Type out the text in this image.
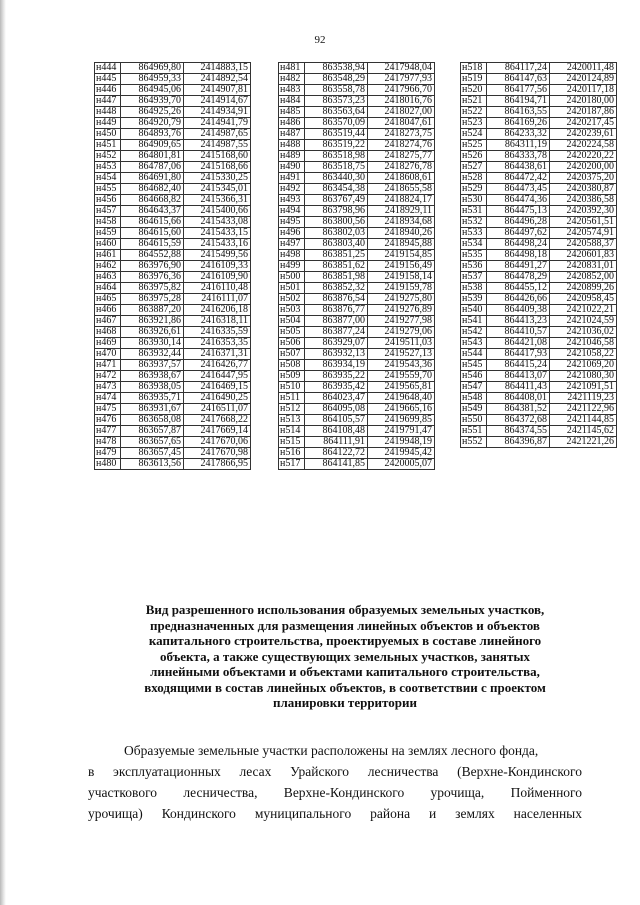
92
н444	864969,80	2414883,15
н445	864959,33	2414892,54
н446	864945,06	2414907,81
н447	864939,70	2414914,67
н448	864925,26	2414934,91
н449	864920,79	2414941,79
н450	864893,76	2414987,65
н451	864909,65	2414987,55
н452	864801,81	2415168,60
н453	864787,06	2415168,66
н454	864691,80	2415330,25
н455	864682,40	2415345,01
н456	864668,82	2415366,31
н457	864643,37	2415400,66
н458	864615,66	2415433,08
н459	864615,60	2415433,15
н460	864615,59	2415433,16
н461	864552,88	2415499,56
н462	863976,90	2416109,33
н463	863976,36	2416109,90
н464	863975,82	2416110,48
н465	863975,28	2416111,07
н466	863887,20	2416206,18
н467	863921,86	2416318,11
н468	863926,61	2416335,59
н469	863930,14	2416353,35
н470	863932,44	2416371,31
н471	863937,57	2416426,77
н472	863938,67	2416447,95
н473	863938,05	2416469,15
н474	863935,71	2416490,25
н475	863931,67	2416511,07
н476	863658,08	2417668,22
н477	863657,87	2417669,14
н478	863657,65	2417670,06
н479	863657,45	2417670,98
н480	863613,56	2417866,95
н481	863538,94	2417948,04
н482	863548,29	2417977,93
н483	863558,78	2417966,70
н484	863573,23	2418016,76
н485	863563,64	2418027,00
н486	863570,09	2418047,61
н487	863519,44	2418273,75
н488	863519,22	2418274,76
н489	863518,98	2418275,77
н490	863518,75	2418276,78
н491	863440,30	2418608,61
н492	863454,38	2418655,58
н493	863767,49	2418824,17
н494	863798,96	2418929,11
н495	863800,56	2418934,68
н496	863802,03	2418940,26
н497	863803,40	2418945,88
н498	863851,25	2419154,85
н499	863851,62	2419156,49
н500	863851,98	2419158,14
н501	863852,32	2419159,78
н502	863876,54	2419275,80
н503	863876,77	2419276,89
н504	863877,00	2419277,98
н505	863877,24	2419279,06
н506	863929,07	2419511,03
н507	863932,13	2419527,13
н508	863934,19	2419543,36
н509	863935,22	2419559,70
н510	863935,42	2419565,81
н511	864023,47	2419648,40
н512	864095,08	2419665,16
н513	864105,57	2419699,85
н514	864108,48	2419791,47
н515	864111,91	2419948,19
н516	864122,72	2419945,42
н517	864141,85	2420005,07
н518	864117,24	2420011,48
н519	864147,63	2420124,89
н520	864177,56	2420117,18
н521	864194,71	2420180,00
н522	864163,55	2420187,86
н523	864169,26	2420217,45
н524	864233,32	2420239,61
н525	864311,19	2420224,58
н526	864333,78	2420220,22
н527	864438,61	2420200,00
н528	864472,42	2420375,20
н529	864473,45	2420380,87
н530	864474,36	2420386,58
н531	864475,13	2420392,30
н532	864496,28	2420561,51
н533	864497,62	2420574,91
н534	864498,24	2420588,37
н535	864498,18	2420601,83
н536	864491,27	2420831,01
н537	864478,29	2420852,00
н538	864455,12	2420899,26
н539	864426,66	2420958,45
н540	864409,38	2421022,21
н541	864413,23	2421024,59
н542	864410,57	2421036,02
н543	864421,08	2421046,58
н544	864417,93	2421058,22
н545	864415,24	2421069,20
н546	864413,07	2421080,30
н547	864411,43	2421091,51
н548	864408,01	2421119,23
н549	864381,52	2421122,96
н550	864372,68	2421144,85
н551	864374,55	2421145,62
н552	864396,87	2421221,26
Вид разрешенного использования образуемых земельных участков,
предназначенных для размещения линейных объектов и объектов
капитального строительства, проектируемых в составе линейного
объекта, а также существующих земельных участков, занятых
линейными объектами и объектами капитального строительства,
входящими в состав линейных объектов, в соответствии с проектом
планировки территории
Образуемые земельные участки расположены на землях лесного фонда,
в эксплуатационных лесах Урайского лесничества (Верхне-Кондинского
участкового лесничества, Верхне-Кондинского урочища, Пойменного
урочища) Кондинского муниципального района и землях населенных
